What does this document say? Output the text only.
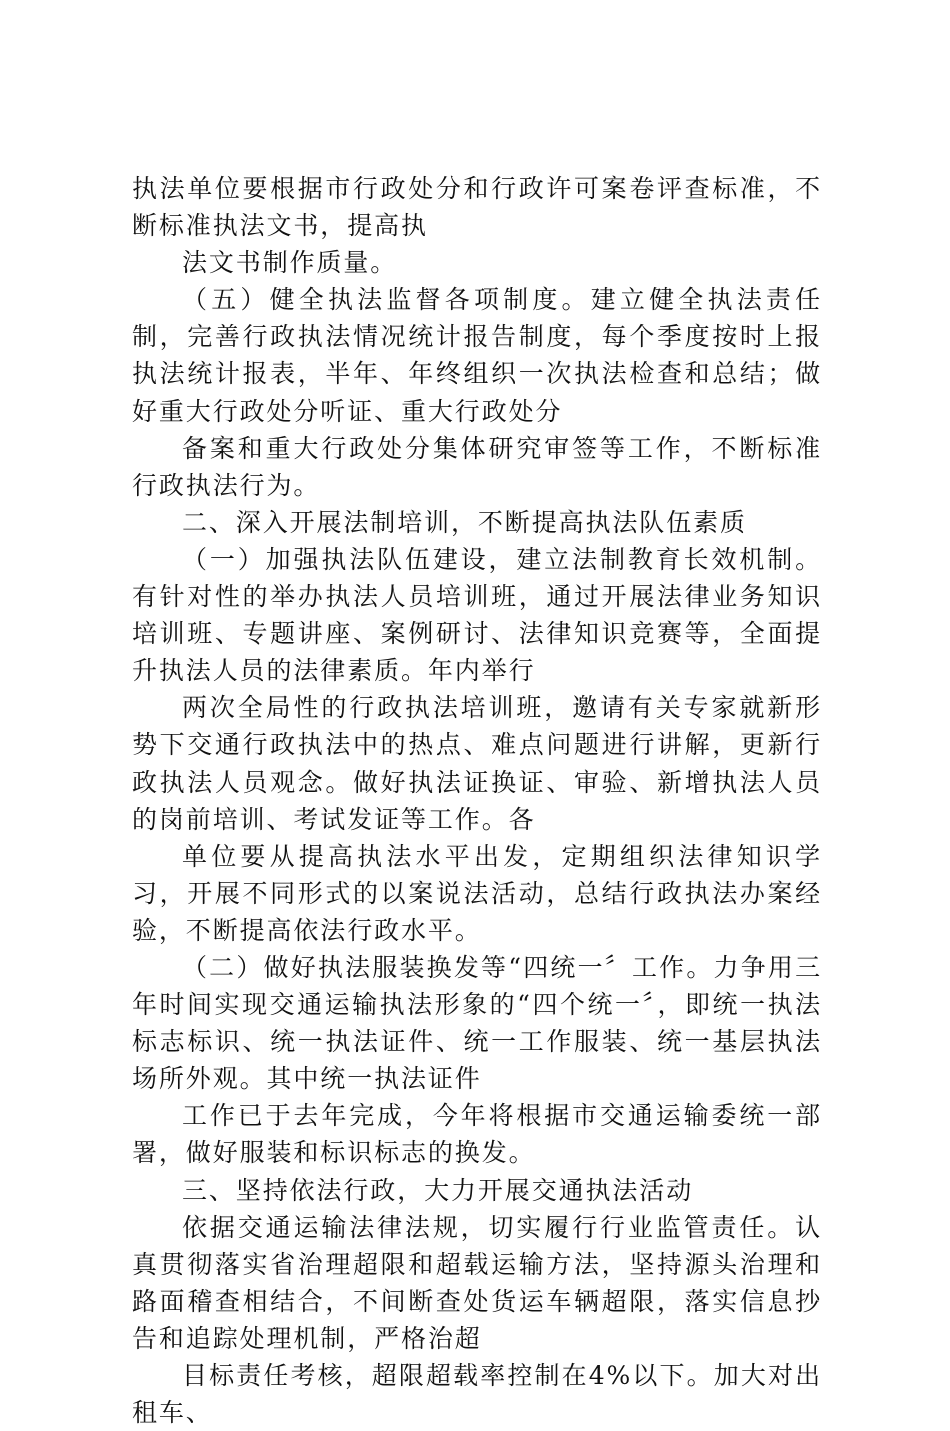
执法单位要根据市行政处分和行政许可案卷评查标准，不断标准执法文书，提高执

法文书制作质量。

（五）健全执法监督各项制度。建立健全执法责任制，完善行政执法情况统计报告制度，每个季度按时上报执法统计报表，半年、年终组织一次执法检查和总结；做好重大行政处分听证、重大行政处分

备案和重大行政处分集体研究审签等工作，不断标准行政执法行为。

二、深入开展法制培训，不断提高执法队伍素质

（一）加强执法队伍建设，建立法制教育长效机制。有针对性的举办执法人员培训班，通过开展法律业务知识培训班、专题讲座、案例研讨、法律知识竞赛等，全面提升执法人员的法律素质。年内举行

两次全局性的行政执法培训班，邀请有关专家就新形势下交通行政执法中的热点、难点问题进行讲解，更新行政执法人员观念。做好执法证换证、审验、新增执法人员的岗前培训、考试发证等工作。各

单位要从提高执法水平出发，定期组织法律知识学习，开展不同形式的以案说法活动，总结行政执法办案经验，不断提高依法行政水平。

（二）做好执法服装换发等“四统一〞工作。力争用三年时间实现交通运输执法形象的“四个统一〞，即统一执法标志标识、统一执法证件、统一工作服装、统一基层执法场所外观。其中统一执法证件

工作已于去年完成，今年将根据市交通运输委统一部署，做好服装和标识标志的换发。

三、坚持依法行政，大力开展交通执法活动

依据交通运输法律法规，切实履行行业监管责任。认真贯彻落实省治理超限和超载运输方法，坚持源头治理和路面稽查相结合，不间断查处货运车辆超限，落实信息抄告和追踪处理机制，严格治超

目标责任考核，超限超载率控制在4%以下。加大对出租车、
